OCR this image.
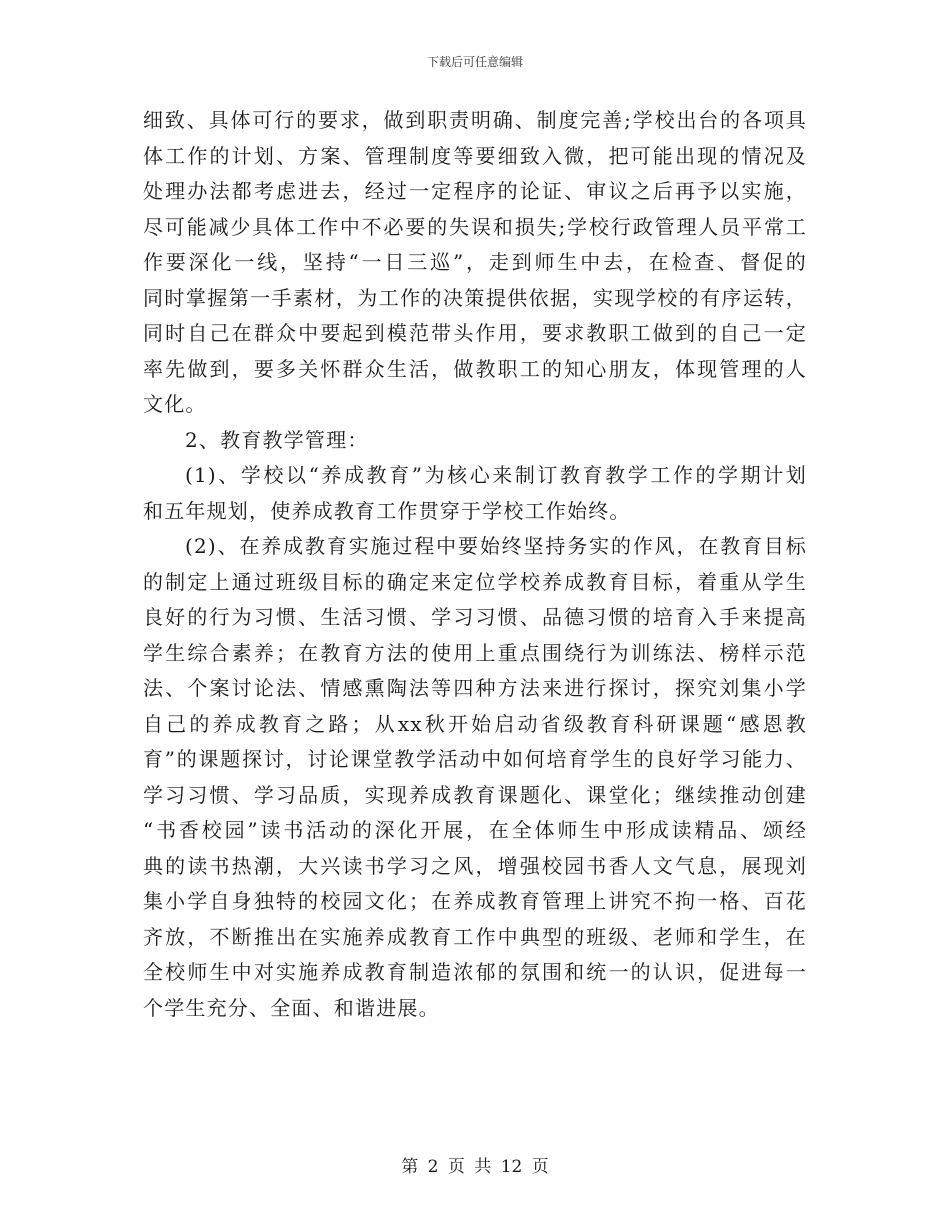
下载后可任意编辑
细致、具体可行的要求，做到职责明确、制度完善;学校出台的各项具
体工作的计划、方案、管理制度等要细致入微，把可能出现的情况及
处理办法都考虑进去，经过一定程序的论证、审议之后再予以实施，
尽可能减少具体工作中不必要的失误和损失;学校行政管理人员平常工
作要深化一线，坚持“一日三巡”，走到师生中去，在检查、督促的
同时掌握第一手素材，为工作的决策提供依据，实现学校的有序运转，
同时自己在群众中要起到模范带头作用，要求教职工做到的自己一定
率先做到，要多关怀群众生活，做教职工的知心朋友，体现管理的人
文化。
2、教育教学管理：
(1)、学校以“养成教育”为核心来制订教育教学工作的学期计划
和五年规划，使养成教育工作贯穿于学校工作始终。
(2)、在养成教育实施过程中要始终坚持务实的作风，在教育目标
的制定上通过班级目标的确定来定位学校养成教育目标，着重从学生
良好的行为习惯、生活习惯、学习习惯、品德习惯的培育入手来提高
学生综合素养；在教育方法的使用上重点围绕行为训练法、榜样示范
法、个案讨论法、情感熏陶法等四种方法来进行探讨，探究刘集小学
自己的养成教育之路；从xx秋开始启动省级教育科研课题“感恩教
育”的课题探讨，讨论课堂教学活动中如何培育学生的良好学习能力、
学习习惯、学习品质，实现养成教育课题化、课堂化；继续推动创建
“书香校园”读书活动的深化开展，在全体师生中形成读精品、颂经
典的读书热潮，大兴读书学习之风，增强校园书香人文气息，展现刘
集小学自身独特的校园文化；在养成教育管理上讲究不拘一格、百花
齐放，不断推出在实施养成教育工作中典型的班级、老师和学生，在
全校师生中对实施养成教育制造浓郁的氛围和统一的认识，促进每一
个学生充分、全面、和谐进展。
第 2 页 共 12 页
